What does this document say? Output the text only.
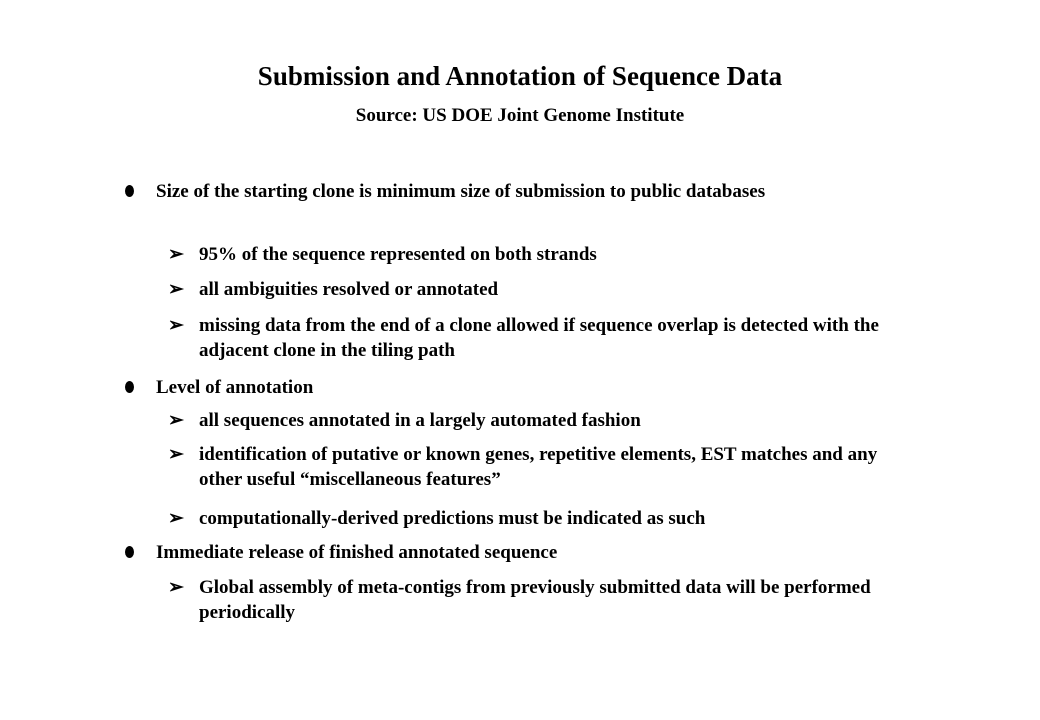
Submission and Annotation of Sequence Data
Source: US DOE Joint Genome Institute
Size of the starting clone is minimum size of submission to public databases
➢ 95% of the sequence represented on both strands
➢ all ambiguities resolved or annotated
➢ missing data from the end of a clone allowed if sequence overlap is detected with the adjacent clone in the tiling path
Level of annotation
➢ all sequences annotated in a largely automated fashion
➢ identification of putative or known genes, repetitive elements, EST matches and any other useful “miscellaneous features”
➢ computationally-derived predictions must be indicated as such
Immediate release of finished annotated sequence
➢ Global assembly of meta-contigs from previously submitted data will be performed periodically
